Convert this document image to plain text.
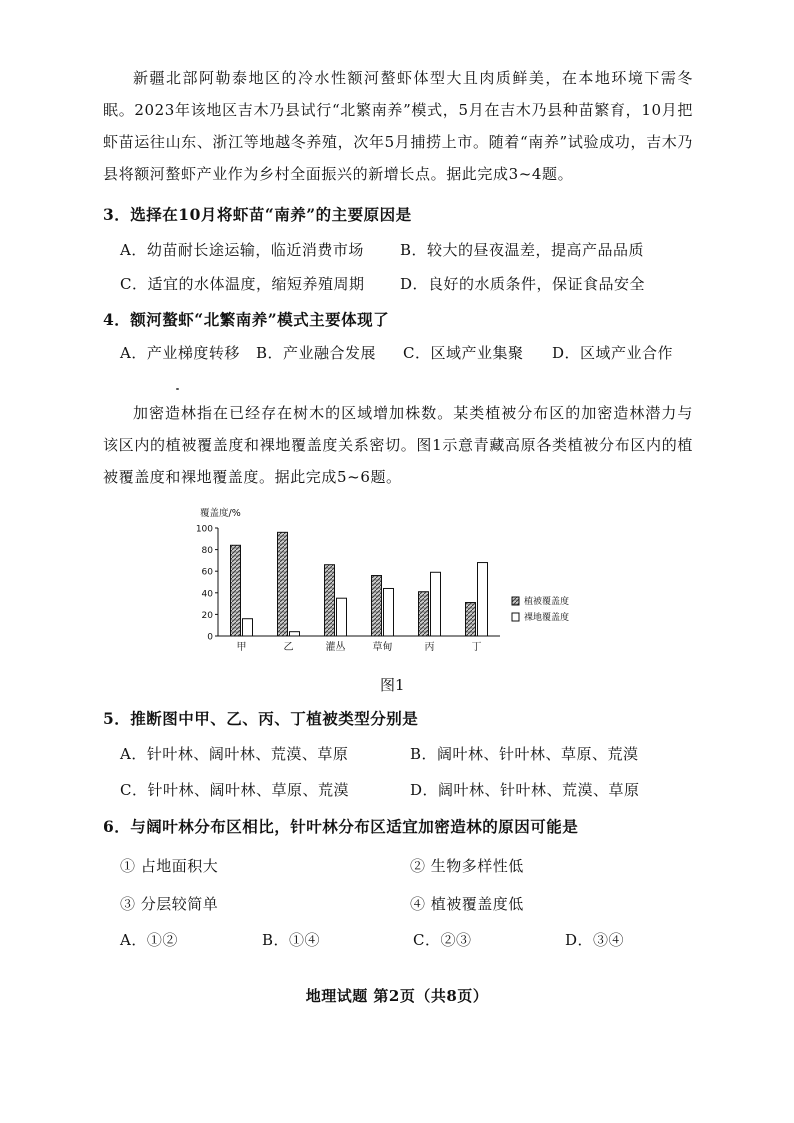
新疆北部阿勒泰地区的冷水性额河螯虾体型大且肉质鲜美，在本地环境下需冬眠。2023年该地区吉木乃县试行“北繁南养”模式，5月在吉木乃县种苗繁育，10月把虾苗运往山东、浙江等地越冬养殖，次年5月捕捞上市。随着“南养”试验成功，吉木乃县将额河螯虾产业作为乡村全面振兴的新增长点。据此完成3~4题。
3．选择在10月将虾苗“南养”的主要原因是
A．幼苗耐长途运输，临近消费市场 B．较大的昼夜温差，提高产品品质
C．适宜的水体温度，缩短养殖周期 D．良好的水质条件，保证食品安全
4．额河螯虾“北繁南养”模式主要体现了
A．产业梯度转移 B．产业融合发展 C．区域产业集聚 D．区域产业合作
加密造林指在已经存在树木的区域增加株数。某类植被分布区的加密造林潜力与该区内的植被覆盖度和裸地覆盖度关系密切。图1示意青藏高原各类植被分布区内的植被覆盖度和裸地覆盖度。据此完成5~6题。
覆盖度/%
0
20
40
60
80
100
甲	乙	灌丛	草甸	丙	丁
植被覆盖度
裸地覆盖度
图1
5．推断图中甲、乙、丙、丁植被类型分别是
A．针叶林、阔叶林、荒漠、草原	B．阔叶林、针叶林、草原、荒漠
C．针叶林、阔叶林、草原、荒漠	D．阔叶林、针叶林、荒漠、草原
6．与阔叶林分布区相比，针叶林分布区适宜加密造林的原因可能是
① 占地面积大	② 生物多样性低
③ 分层较简单	④ 植被覆盖度低
A．①②	B．①④	C．②③	D．③④
地理试题 第2页（共8页）
